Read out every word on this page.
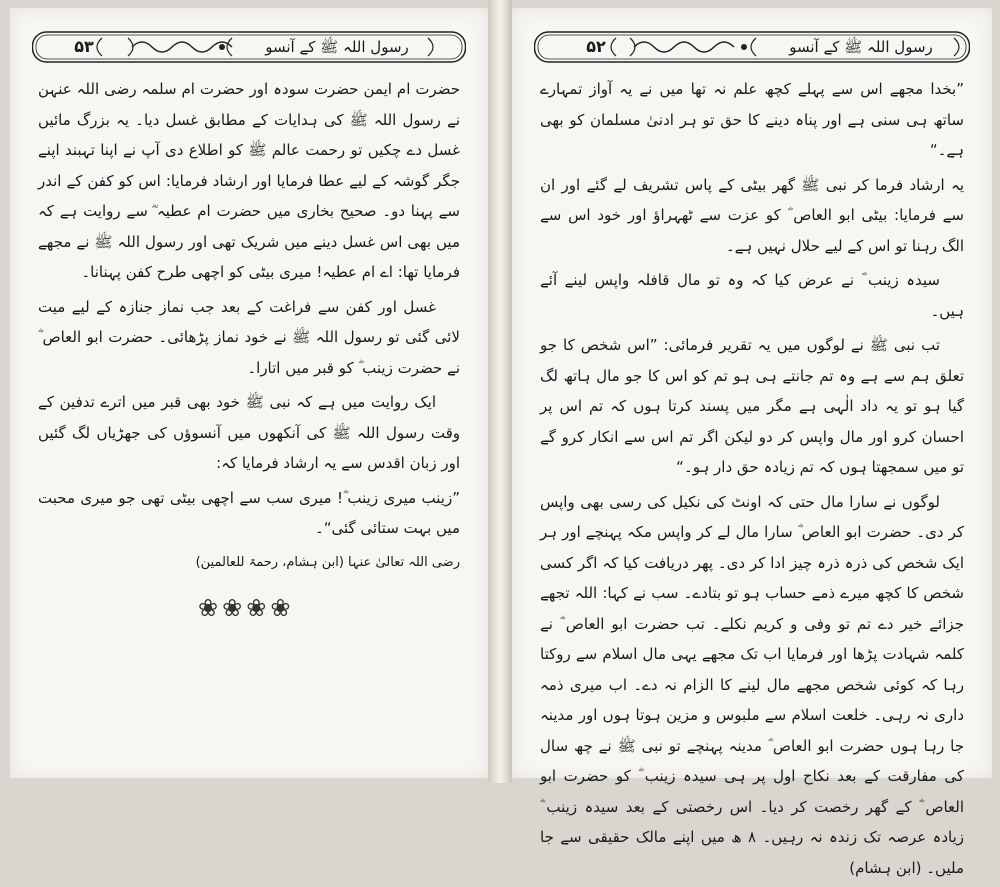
۵۳	رسول اللہ ﷺ کے آنسو

حضرت ام ایمن حضرت سودہ اور حضرت ام سلمہ رضی اللہ عنہن نے رسول اللہ ﷺ کی ہدایات کے مطابق غسل دیا۔ یہ بزرگ مائیں غسل دے چکیں تو رحمت عالم ﷺ کو اطلاع دی آپ نے اپنا تہبند اپنے جگر گوشہ کے لیے عطا فرمایا اور ارشاد فرمایا: اس کو کفن کے اندر سے پہنا دو۔ صحیح بخاری میں حضرت ام عطیہ ؓ سے روایت ہے کہ میں بھی اس غسل دینے میں شریک تھی اور رسول اللہ ﷺ نے مجھے فرمایا تھا: اے ام عطیہ! میری بیٹی کو اچھی طرح کفن پہنانا۔

غسل اور کفن سے فراغت کے بعد جب نماز جنازہ کے لیے میت لائی گئی تو رسول اللہ ﷺ نے خود نماز پڑھائی۔ حضرت ابو العاص ؓ نے حضرت زینب ؓ کو قبر میں اتارا۔

ایک روایت میں ہے کہ نبی ﷺ خود بھی قبر میں اترے تدفین کے وقت رسول اللہ ﷺ کی آنکھوں میں آنسوؤں کی جھڑیاں لگ گئیں اور زبان اقدس سے یہ ارشاد فرمایا کہ:

”زینب میری زینب ؓ! میری سب سے اچھی بیٹی تھی جو میری محبت میں بہت ستائی گئی“۔

رضی اللہ تعالیٰ عنہا (ابن ہشام، رحمۃ للعالمین)

❀❀❀❀
۵۲	رسول اللہ ﷺ کے آنسو

”بخدا مجھے اس سے پہلے کچھ علم نہ تھا میں نے یہ آواز تمہارے ساتھ ہی سنی ہے اور پناہ دینے کا حق تو ہر ادنیٰ مسلمان کو بھی ہے۔“

یہ ارشاد فرما کر نبی ﷺ گھر بیٹی کے پاس تشریف لے گئے اور ان سے فرمایا: بیٹی ابو العاص ؓ کو عزت سے ٹھہراؤ اور خود اس سے الگ رہنا تو اس کے لیے حلال نہیں ہے۔

سیدہ زینب ؓ نے عرض کیا کہ وہ تو مال قافلہ واپس لینے آئے ہیں۔

تب نبی ﷺ نے لوگوں میں یہ تقریر فرمائی: ”اس شخص کا جو تعلق ہم سے ہے وہ تم جانتے ہی ہو تم کو اس کا جو مال ہاتھ لگ گیا ہو تو یہ داد الٰہی ہے مگر میں پسند کرتا ہوں کہ تم اس پر احسان کرو اور مال واپس کر دو لیکن اگر تم اس سے انکار کرو گے تو میں سمجھتا ہوں کہ تم زیادہ حق دار ہو۔“

لوگوں نے سارا مال حتی کہ اونٹ کی نکیل کی رسی بھی واپس کر دی۔ حضرت ابو العاص ؓ سارا مال لے کر واپس مکہ پہنچے اور ہر ایک شخص کی ذرہ ذرہ چیز ادا کر دی۔ پھر دریافت کیا کہ اگر کسی شخص کا کچھ میرے ذمے حساب ہو تو بتادے۔ سب نے کہا: اللہ تجھے جزائے خیر دے تم تو وفی و کریم نکلے۔ تب حضرت ابو العاص ؓ نے کلمہ شہادت پڑھا اور فرمایا اب تک مجھے یہی مال اسلام سے روکتا رہا کہ کوئی شخص مجھے مال لینے کا الزام نہ دے۔ اب میری ذمہ داری نہ رہی۔ خلعت اسلام سے ملبوس و مزین ہوتا ہوں اور مدینہ جا رہا ہوں حضرت ابو العاص ؓ مدینہ پہنچے تو نبی ﷺ نے چھ سال کی مفارقت کے بعد نکاح اول پر ہی سیدہ زینب ؓ کو حضرت ابو العاص ؓ کے گھر رخصت کر دیا۔ اس رخصتی کے بعد سیدہ زینب ؓ زیادہ عرصہ تک زندہ نہ رہیں۔ ۸ ھ میں اپنے مالک حقیقی سے جا ملیں۔ (ابن ہشام)
